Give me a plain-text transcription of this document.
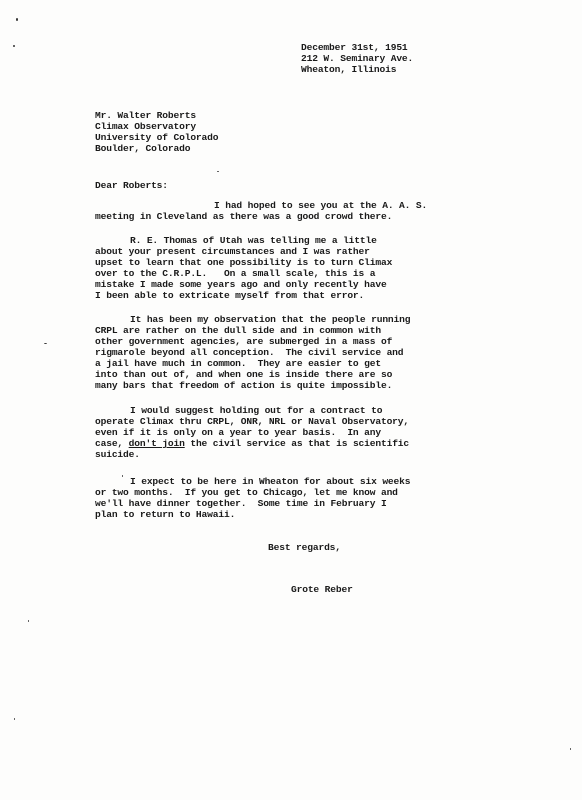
December 31st, 1951
212 W. Seminary Ave.
Wheaton, Illinois
Mr. Walter Roberts
Climax Observatory
University of Colorado
Boulder, Colorado
Dear Roberts:
I had hoped to see you at the A. A. S.
meeting in Cleveland as there was a good crowd there.
R. E. Thomas of Utah was telling me a little
about your present circumstances and I was rather
upset to learn that one possibility is to turn Climax
over to the C.R.P.L.   On a small scale, this is a
mistake I made some years ago and only recently have
I been able to extricate myself from that error.
It has been my observation that the people running
CRPL are rather on the dull side and in common with
other government agencies, are submerged in a mass of
rigmarole beyond all conception.  The civil service and
a jail have much in common.  They are easier to get
into than out of, and when one is inside there are so
many bars that freedom of action is quite impossible.
I would suggest holding out for a contract to
operate Climax thru CRPL, ONR, NRL or Naval Observatory,
even if it is only on a year to year basis.  In any
case, don't join the civil service as that is scientific
suicide.
I expect to be here in Wheaton for about six weeks
or two months.  If you get to Chicago, let me know and
we'll have dinner together.  Some time in February I
plan to return to Hawaii.
Best regards,
Grote Reber
